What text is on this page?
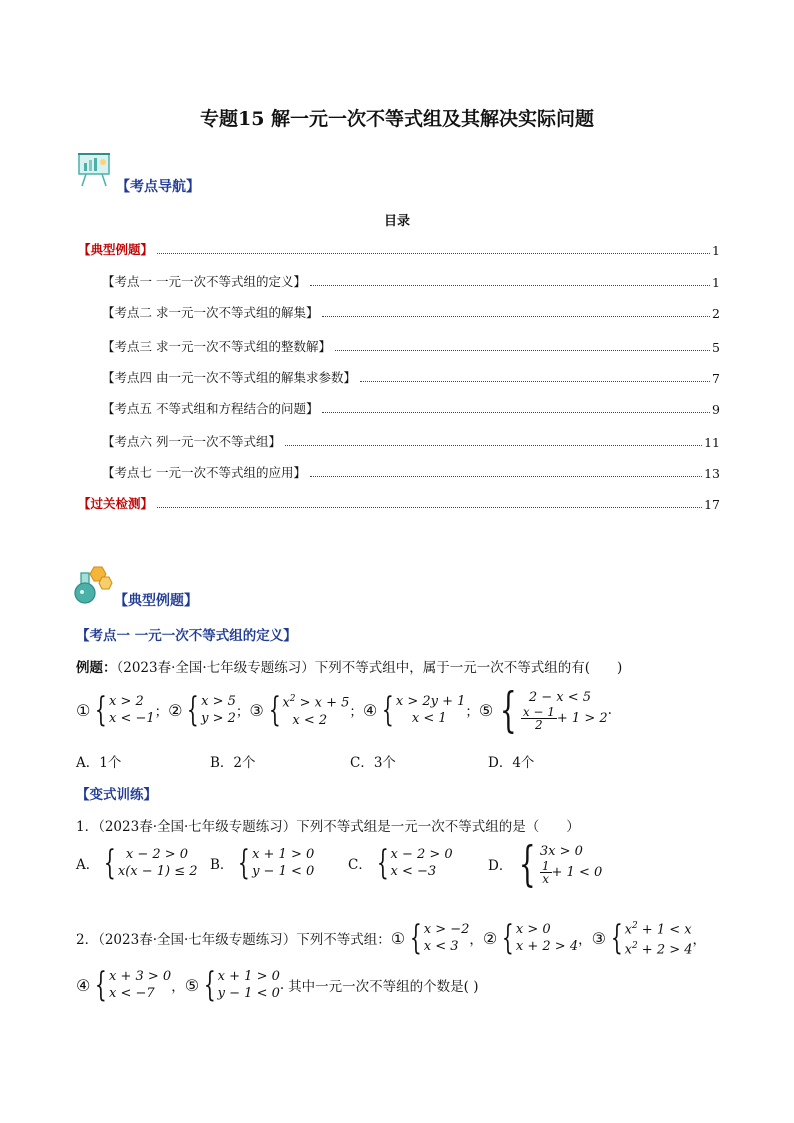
专题15 解一元一次不等式组及其解决实际问题
【考点导航】
目录
【典型例题】	1
【考点一 一元一次不等式组的定义】	1
【考点二 求一元一次不等式组的解集】	2
【考点三 求一元一次不等式组的整数解】	5
【考点四 由一元一次不等式组的解集求参数】	7
【考点五 不等式组和方程结合的问题】	9
【考点六 列一元一次不等式组】	11
【考点七 一元一次不等式组的应用】	13
【过关检测】	17
【典型例题】
【考点一 一元一次不等式组的定义】
例题：（2023春·全国·七年级专题练习）下列不等式组中，属于一元一次不等式组的有(　　)
① { x > 2
x < −1 ； ② { x > 5
y > 2 ； ③ { $x^2 > x + 5$
x < 2
； ④ { x > 2y + 1
x < 1	； ⑤ { 2 − x < 5
$\frac{x - 1}{2} + 1 > 2$
.
A．1个	B．2个	C．3个	D．4个
【变式训练】
1．（2023春·全国·七年级专题练习）下列不等式组是一元一次不等式组的是（　　）
A． { x − 2 > 0
x(x − 1) ≤ 2 B． { x + 1 > 0
y − 1 < 0 C． { x − 2 > 0
x < −3	D． { 3x > 0
$\frac{1}{x} + 1 < 0$
2．（2023春·全国·七年级专题练习）下列不等式组： ① { x > −2
x < 3 ， ② { x > 0
x + 2 > 4 ， ③ { $x^2 + 1 < x$
$x^2 + 2 > 4$
，
④ { x + 3 > 0
x < −7	， ⑤ { x + 1 > 0
y − 1 < 0
. 其中一元一次不等组的个数是( )
